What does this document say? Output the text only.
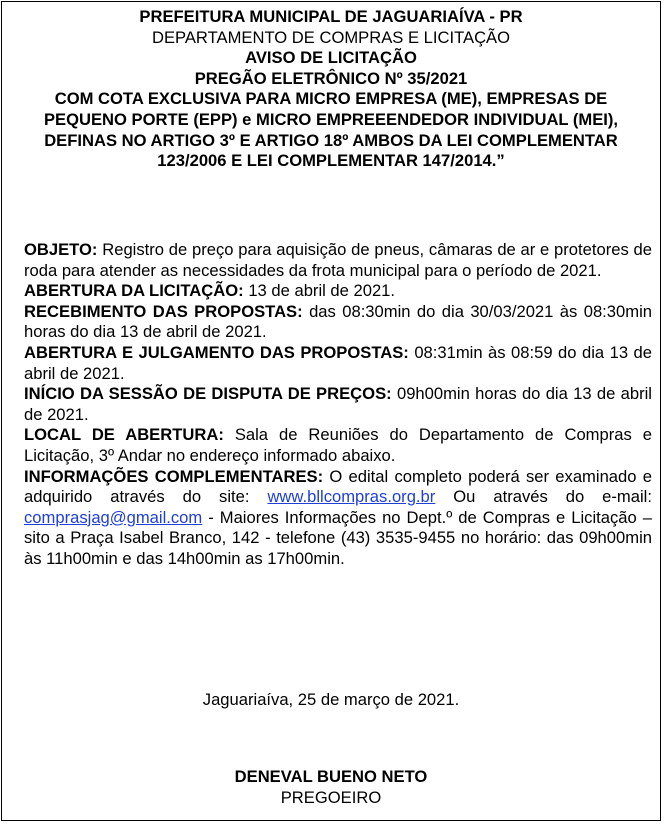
PREFEITURA MUNICIPAL DE JAGUARIAÍVA - PR
DEPARTAMENTO DE COMPRAS E LICITAÇÃO
AVISO DE LICITAÇÃO
PREGÃO ELETRÔNICO Nº 35/2021
COM COTA EXCLUSIVA PARA MICRO EMPRESA (ME), EMPRESAS DE PEQUENO PORTE (EPP) e MICRO EMPREEENDEDOR INDIVIDUAL (MEI), DEFINAS NO ARTIGO 3º E ARTIGO 18º AMBOS DA LEI COMPLEMENTAR 123/2006 E LEI COMPLEMENTAR 147/2014.”

OBJETO: Registro de preço para aquisição de pneus, câmaras de ar e protetores de roda para atender as necessidades da frota municipal para o período de 2021.

ABERTURA DA LICITAÇÃO: 13 de abril de 2021.

RECEBIMENTO DAS PROPOSTAS: das 08:30min do dia 30/03/2021 às 08:30min horas do dia 13 de abril de 2021.

ABERTURA E JULGAMENTO DAS PROPOSTAS: 08:31min às 08:59 do dia 13 de abril de 2021.

INÍCIO DA SESSÃO DE DISPUTA DE PREÇOS: 09h00min horas do dia 13 de abril de 2021.

LOCAL DE ABERTURA: Sala de Reuniões do Departamento de Compras e Licitação, 3º Andar no endereço informado abaixo.

INFORMAÇÕES COMPLEMENTARES: O edital completo poderá ser examinado e adquirido através do site: www.bllcompras.org.br Ou através do e-mail: comprasjag@gmail.com - Maiores Informações no Dept.º de Compras e Licitação – sito a Praça Isabel Branco, 142 - telefone (43) 3535-9455 no horário: das 09h00min às 11h00min e das 14h00min as 17h00min.

Jaguariaíva, 25 de março de 2021.
DENEVAL BUENO NETO
PREGOEIRO
